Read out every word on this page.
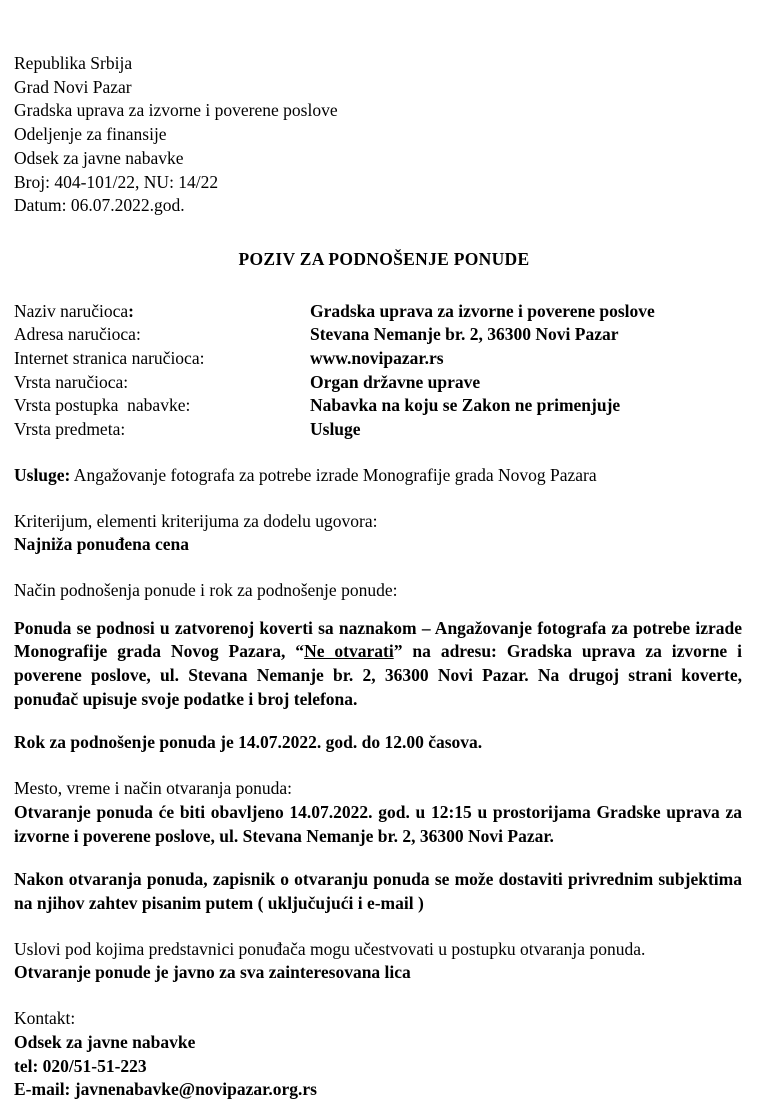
Republika Srbija
Grad Novi Pazar
Gradska uprava za izvorne i poverene poslove
Odeljenje za finansije
Odsek za javne nabavke
Broj: 404-101/22, NU: 14/22
Datum: 06.07.2022.god.
POZIV ZA PODNOŠENJE PONUDE
Naziv naručioca:	Gradska uprava za izvorne i poverene poslove
Adresa naručioca:	Stevana Nemanje br. 2, 36300 Novi Pazar
Internet stranica naručioca:	www.novipazar.rs
Vrsta naručioca:	Organ državne uprave
Vrsta postupka  nabavke:	Nabavka na koju se Zakon ne primenjuje
Vrsta predmeta:	Usluge
Usluge: Angažovanje fotografa za potrebe izrade Monografije grada Novog Pazara
Kriterijum, elementi kriterijuma za dodelu ugovora:
Najniža ponuđena cena
Način podnošenja ponude i rok za podnošenje ponude:
Ponuda se podnosi u zatvorenoj koverti sa naznakom – Angažovanje fotografa za potrebe izrade Monografije grada Novog Pazara, “Ne otvarati” na adresu: Gradska uprava za izvorne i poverene poslove, ul. Stevana Nemanje br. 2, 36300 Novi Pazar. Na drugoj strani koverte, ponuđač upisuje svoje podatke i broj telefona.
Rok za podnošenje ponuda je 14.07.2022. god. do 12.00 časova.
Mesto, vreme i način otvaranja ponuda:
Otvaranje ponuda će biti obavljeno 14.07.2022. god. u 12:15 u prostorijama Gradske uprava za izvorne i poverene poslove, ul. Stevana Nemanje br. 2, 36300 Novi Pazar.
Nakon otvaranja ponuda, zapisnik o otvaranju ponuda se može dostaviti privrednim subjektima na njihov zahtev pisanim putem ( uključujući i e-mail )
Uslovi pod kojima predstavnici ponuđača mogu učestvovati u postupku otvaranja ponuda.
Otvaranje ponude je javno za sva zainteresovana lica
Kontakt:
Odsek za javne nabavke
tel: 020/51-51-223
E-mail: javnenabavke@novipazar.org.rs
